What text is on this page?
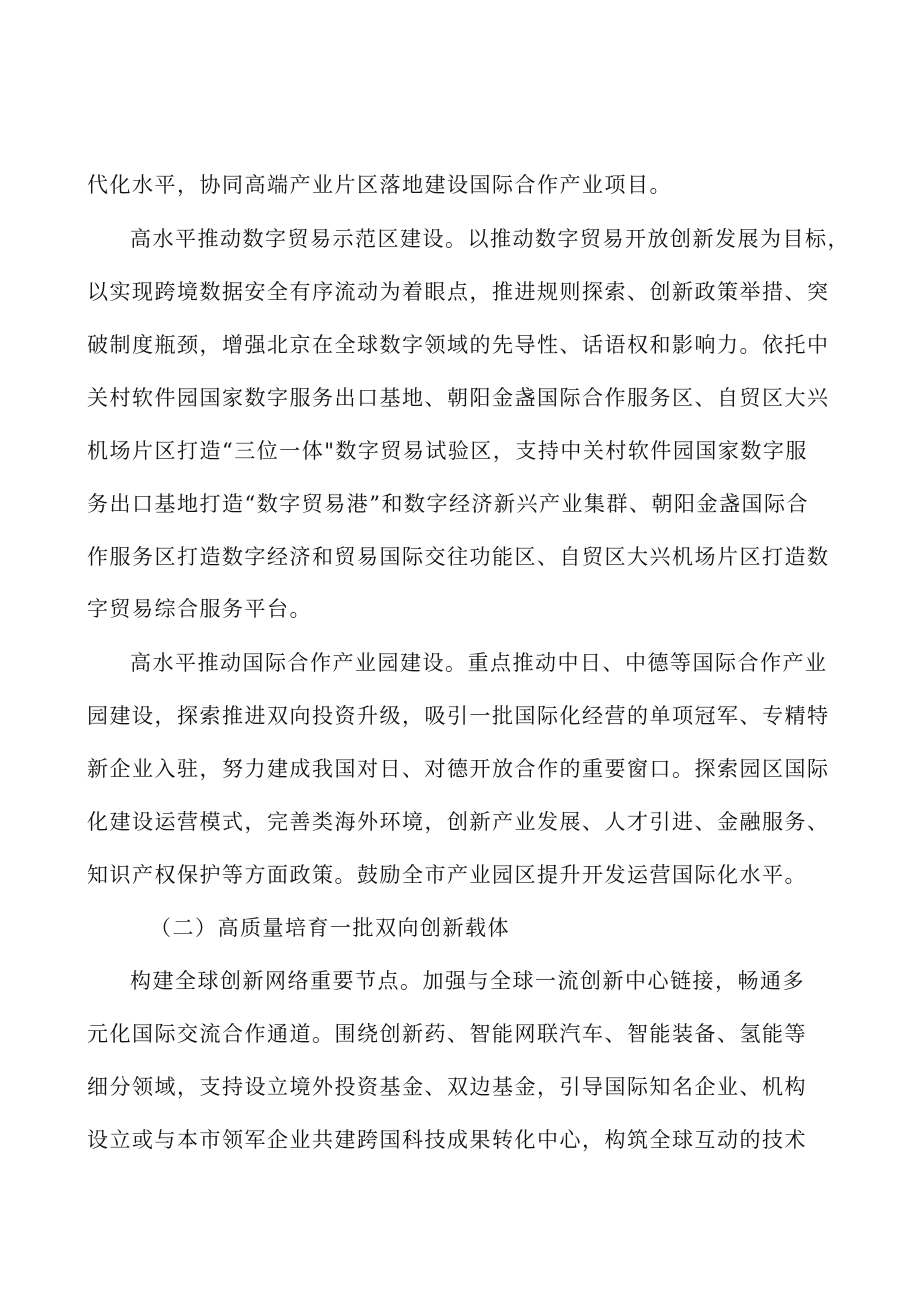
代化水平，协同高端产业片区落地建设国际合作产业项目。
高水平推动数字贸易示范区建设。以推动数字贸易开放创新发展为目标，
以实现跨境数据安全有序流动为着眼点，推进规则探索、创新政策举措、突
破制度瓶颈，增强北京在全球数字领域的先导性、话语权和影响力。依托中
关村软件园国家数字服务出口基地、朝阳金盏国际合作服务区、自贸区大兴
机场片区打造“三位一体"数字贸易试验区，支持中关村软件园国家数字服
务出口基地打造“数字贸易港”和数字经济新兴产业集群、朝阳金盏国际合
作服务区打造数字经济和贸易国际交往功能区、自贸区大兴机场片区打造数
字贸易综合服务平台。
高水平推动国际合作产业园建设。重点推动中日、中德等国际合作产业
园建设，探索推进双向投资升级，吸引一批国际化经营的单项冠军、专精特
新企业入驻，努力建成我国对日、对德开放合作的重要窗口。探索园区国际
化建设运营模式，完善类海外环境，创新产业发展、人才引进、金融服务、
知识产权保护等方面政策。鼓励全市产业园区提升开发运营国际化水平。
（二）高质量培育一批双向创新载体
构建全球创新网络重要节点。加强与全球一流创新中心链接，畅通多
元化国际交流合作通道。围绕创新药、智能网联汽车、智能装备、氢能等
细分领域，支持设立境外投资基金、双边基金，引导国际知名企业、机构
设立或与本市领军企业共建跨国科技成果转化中心，构筑全球互动的技术
